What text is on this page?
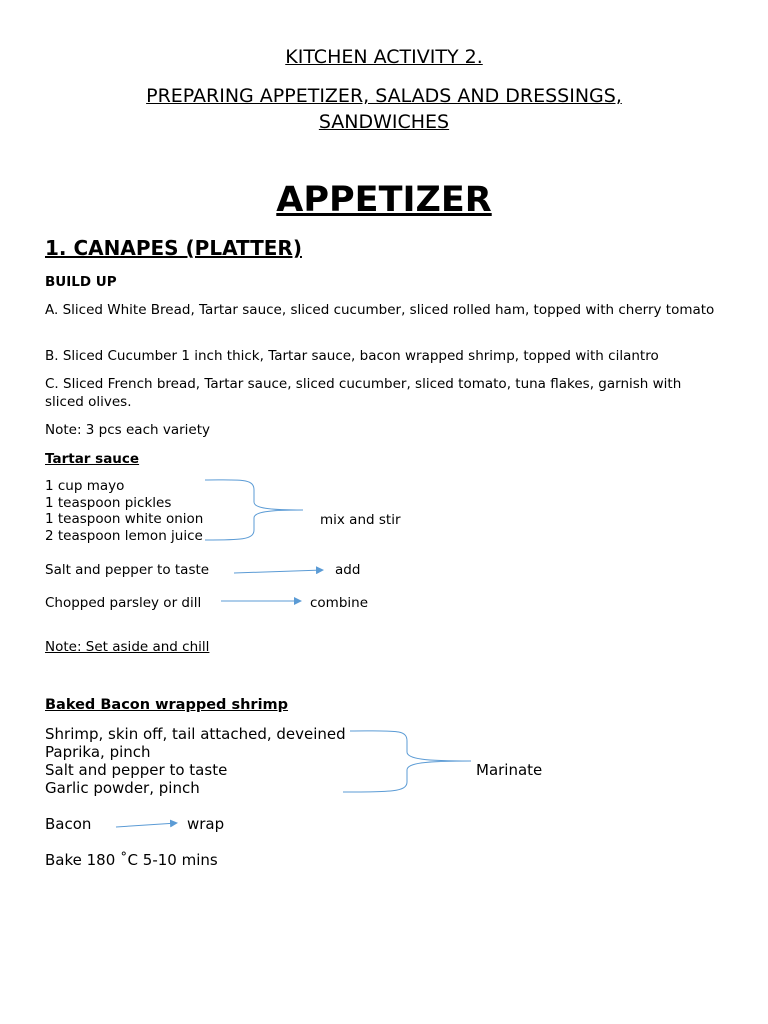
KITCHEN ACTIVITY 2.
PREPARING APPETIZER, SALADS AND DRESSINGS,
SANDWICHES
APPETIZER
1. CANAPES (PLATTER)
BUILD UP
A. Sliced White Bread, Tartar sauce, sliced cucumber, sliced rolled ham, topped with cherry tomato
B. Sliced Cucumber 1 inch thick, Tartar sauce, bacon wrapped shrimp, topped with cilantro
C. Sliced French bread, Tartar sauce, sliced cucumber, sliced tomato, tuna flakes, garnish with sliced olives.
Note: 3 pcs each variety
Tartar sauce
1 cup mayo
1 teaspoon pickles
1 teaspoon white onion
2 teaspoon lemon juice
mix and stir
Salt and pepper to taste	add
Chopped parsley or dill	combine
Note: Set aside and chill
Baked Bacon wrapped shrimp
Shrimp, skin off, tail attached, deveined
Paprika, pinch
Salt and pepper to taste
Garlic powder, pinch
Marinate
Bacon	wrap
Bake 180 ˚C 5-10 mins
